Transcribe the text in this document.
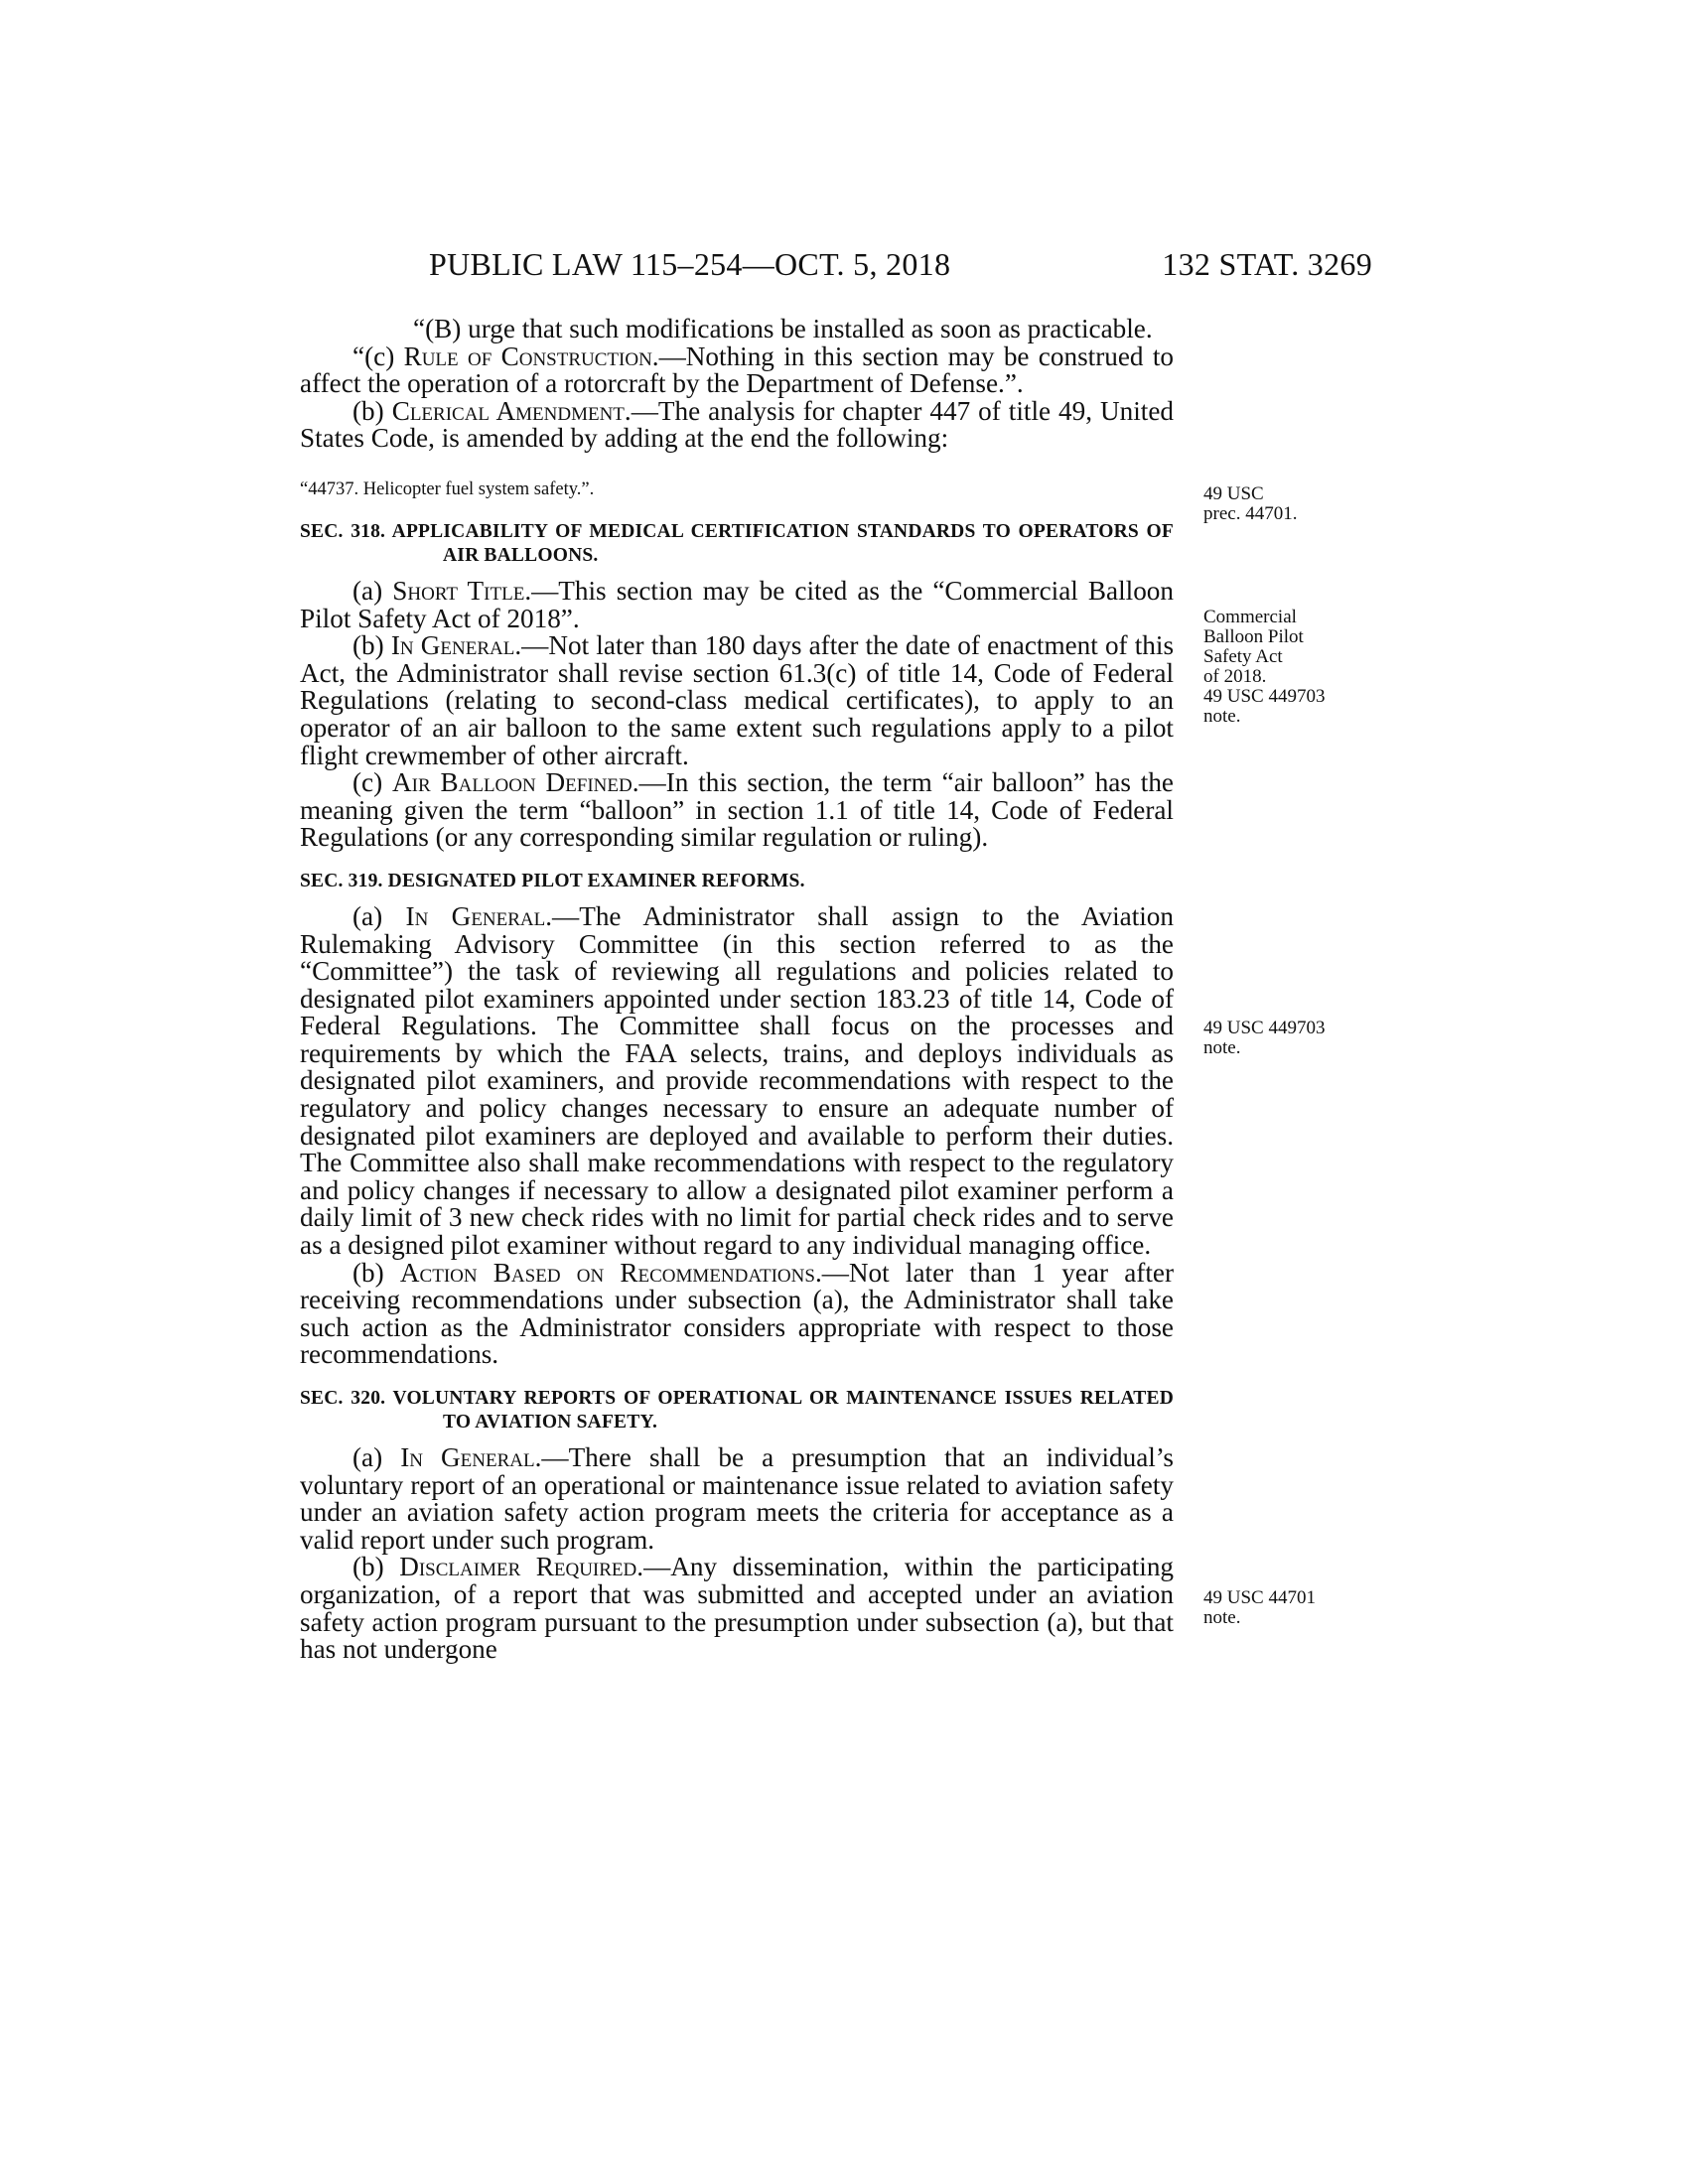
PUBLIC LAW 115–254—OCT. 5, 2018	132 STAT. 3269

“(B) urge that such modifications be installed as soon as practicable.

“(c) Rule of Construction.—Nothing in this section may be construed to affect the operation of a rotorcraft by the Department of Defense.”.

(b) Clerical Amendment.—The analysis for chapter 447 of title 49, United States Code, is amended by adding at the end the following:

“44737. Helicopter fuel system safety.”.
SEC. 318. APPLICABILITY OF MEDICAL CERTIFICATION STANDARDS TO OPERATORS OF AIR BALLOONS.

(a) Short Title.—This section may be cited as the “Commercial Balloon Pilot Safety Act of 2018”.

(b) In General.—Not later than 180 days after the date of enactment of this Act, the Administrator shall revise section 61.3(c) of title 14, Code of Federal Regulations (relating to second-class medical certificates), to apply to an operator of an air balloon to the same extent such regulations apply to a pilot flight crewmember of other aircraft.

(c) Air Balloon Defined.—In this section, the term “air balloon” has the meaning given the term “balloon” in section 1.1 of title 14, Code of Federal Regulations (or any corresponding similar regulation or ruling).

SEC. 319. DESIGNATED PILOT EXAMINER REFORMS.

(a) In General.—The Administrator shall assign to the Aviation Rulemaking Advisory Committee (in this section referred to as the “Committee”) the task of reviewing all regulations and policies related to designated pilot examiners appointed under section 183.23 of title 14, Code of Federal Regulations. The Committee shall focus on the processes and requirements by which the FAA selects, trains, and deploys individuals as designated pilot examiners, and provide recommendations with respect to the regulatory and policy changes necessary to ensure an adequate number of designated pilot examiners are deployed and available to perform their duties. The Committee also shall make recommendations with respect to the regulatory and policy changes if necessary to allow a designated pilot examiner perform a daily limit of 3 new check rides with no limit for partial check rides and to serve as a designed pilot examiner without regard to any individual managing office.

(b) Action Based on Recommendations.—Not later than 1 year after receiving recommendations under subsection (a), the Administrator shall take such action as the Administrator considers appropriate with respect to those recommendations.

SEC. 320. VOLUNTARY REPORTS OF OPERATIONAL OR MAINTENANCE ISSUES RELATED TO AVIATION SAFETY.

(a) In General.—There shall be a presumption that an individual’s voluntary report of an operational or maintenance issue related to aviation safety under an aviation safety action program meets the criteria for acceptance as a valid report under such program.

(b) Disclaimer Required.—Any dissemination, within the participating organization, of a report that was submitted and accepted under an aviation safety action program pursuant to the presumption under subsection (a), but that has not undergone

49 USC
prec. 44701.
Commercial
Balloon Pilot
Safety Act
of 2018.
49 USC 449703
note.
49 USC 449703
note.
49 USC 44701
note.
